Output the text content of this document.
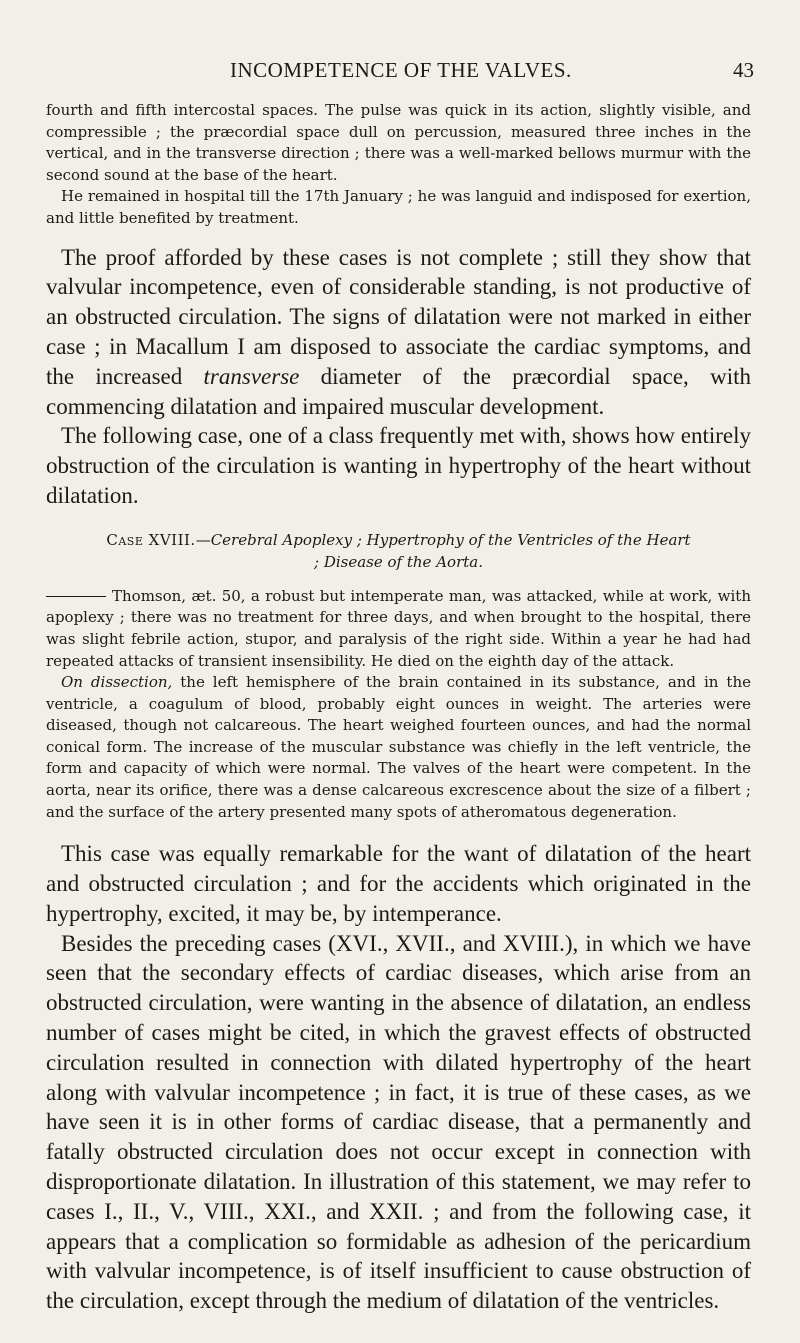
INCOMPETENCE OF THE VALVES.	43

fourth and fifth intercostal spaces. The pulse was quick in its action, slightly visible, and compressible ; the præcordial space dull on percussion, measured three inches in the vertical, and in the transverse direction ; there was a well-marked bellows murmur with the second sound at the base of the heart.

He remained in hospital till the 17th January ; he was languid and indisposed for exertion, and little benefited by treatment.

The proof afforded by these cases is not complete ; still they show that valvular incompetence, even of considerable standing, is not productive of an obstructed circulation. The signs of dilatation were not marked in either case ; in Macallum I am disposed to associate the cardiac symptoms, and the increased transverse diameter of the præcordial space, with commencing dilatation and impaired muscular development.

The following case, one of a class frequently met with, shows how entirely obstruction of the circulation is wanting in hypertrophy of the heart without dilatation.

Case XVIII.—Cerebral Apoplexy ; Hypertrophy of the Ventricles of the Heart ; Disease of the Aorta.

Thomson, æt. 50, a robust but intemperate man, was attacked, while at work, with apoplexy ; there was no treatment for three days, and when brought to the hospital, there was slight febrile action, stupor, and paralysis of the right side. Within a year he had had repeated attacks of transient insensibility. He died on the eighth day of the attack.

On dissection, the left hemisphere of the brain contained in its substance, and in the ventricle, a coagulum of blood, probably eight ounces in weight. The arteries were diseased, though not calcareous. The heart weighed fourteen ounces, and had the normal conical form. The increase of the muscular substance was chiefly in the left ventricle, the form and capacity of which were normal. The valves of the heart were competent. In the aorta, near its orifice, there was a dense calcareous excrescence about the size of a filbert ; and the surface of the artery presented many spots of atheromatous degeneration.

This case was equally remarkable for the want of dilatation of the heart and obstructed circulation ; and for the accidents which originated in the hypertrophy, excited, it may be, by intemperance.

Besides the preceding cases (XVI., XVII., and XVIII.), in which we have seen that the secondary effects of cardiac diseases, which arise from an obstructed circulation, were wanting in the absence of dilatation, an endless number of cases might be cited, in which the gravest effects of obstructed circulation resulted in connection with dilated hypertrophy of the heart along with valvular incompetence ; in fact, it is true of these cases, as we have seen it is in other forms of cardiac disease, that a permanently and fatally obstructed circulation does not occur except in connection with disproportionate dilatation. In illustration of this statement, we may refer to cases I., II., V., VIII., XXI., and XXII. ; and from the following case, it appears that a complication so formidable as adhesion of the pericardium with valvular incompetence, is of itself insufficient to cause obstruction of the circulation, except through the medium of dilatation of the ventricles.
